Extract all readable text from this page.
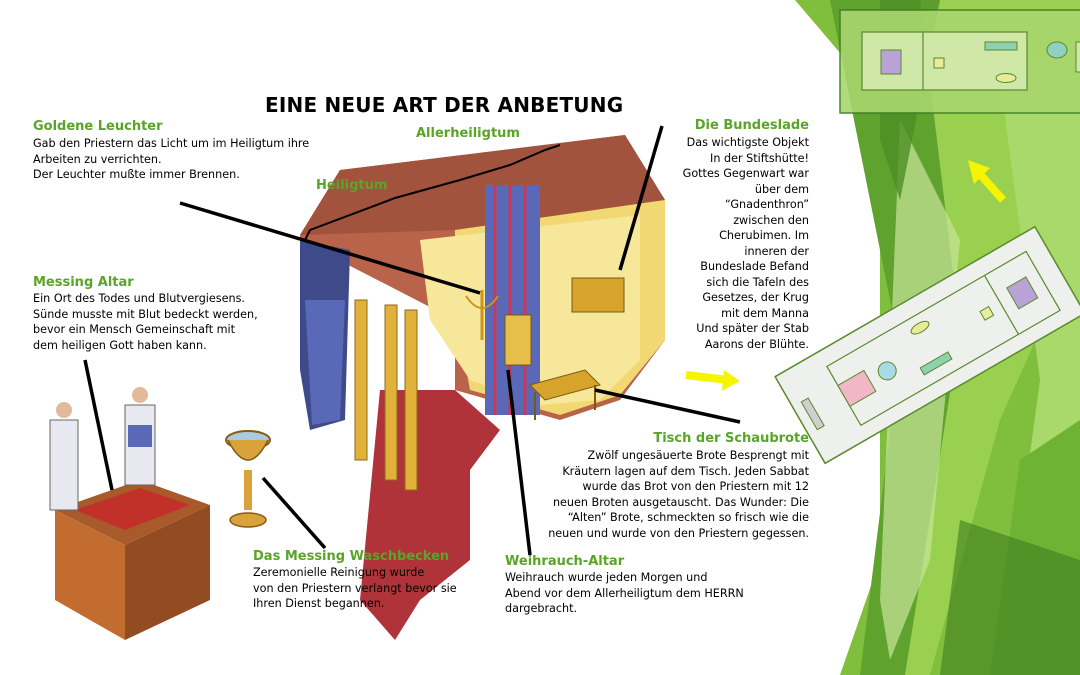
EINE NEUE ART DER ANBETUNG
Allerheiligtum
Heiligtum
Goldene Leuchter
Gab den Priestern das Licht um im Heiligtum ihre
Arbeiten zu verrichten.
Der Leuchter mußte immer Brennen.
Messing Altar
Ein Ort des Todes und Blutvergiesens.
Sünde musste mit Blut bedeckt werden,
bevor ein Mensch Gemeinschaft mit
dem heiligen Gott haben kann.
Die Bundeslade
Das wichtigste Objekt
In der Stiftshütte!
Gottes Gegenwart war
über dem
“Gnadenthron”
zwischen den
Cherubimen. Im
inneren der
Bundeslade Befand
sich die Tafeln des
Gesetzes, der Krug
mit dem Manna
Und später der Stab
Aarons der Blühte.
Tisch der Schaubrote
Zwölf ungesäuerte Brote Besprengt mit
Kräutern lagen auf dem Tisch. Jeden Sabbat
wurde das Brot von den Priestern mit 12
neuen Broten ausgetauscht. Das Wunder: Die
“Alten” Brote, schmeckten so frisch wie die
neuen und wurde von den Priestern gegessen.
Das Messing Waschbecken
Zeremonielle Reinigung wurde
von den Priestern verlangt bevor sie
Ihren Dienst begannen.
Weihrauch-Altar
Weihrauch wurde jeden Morgen und
Abend vor dem Allerheiligtum dem HERRN
dargebracht.
